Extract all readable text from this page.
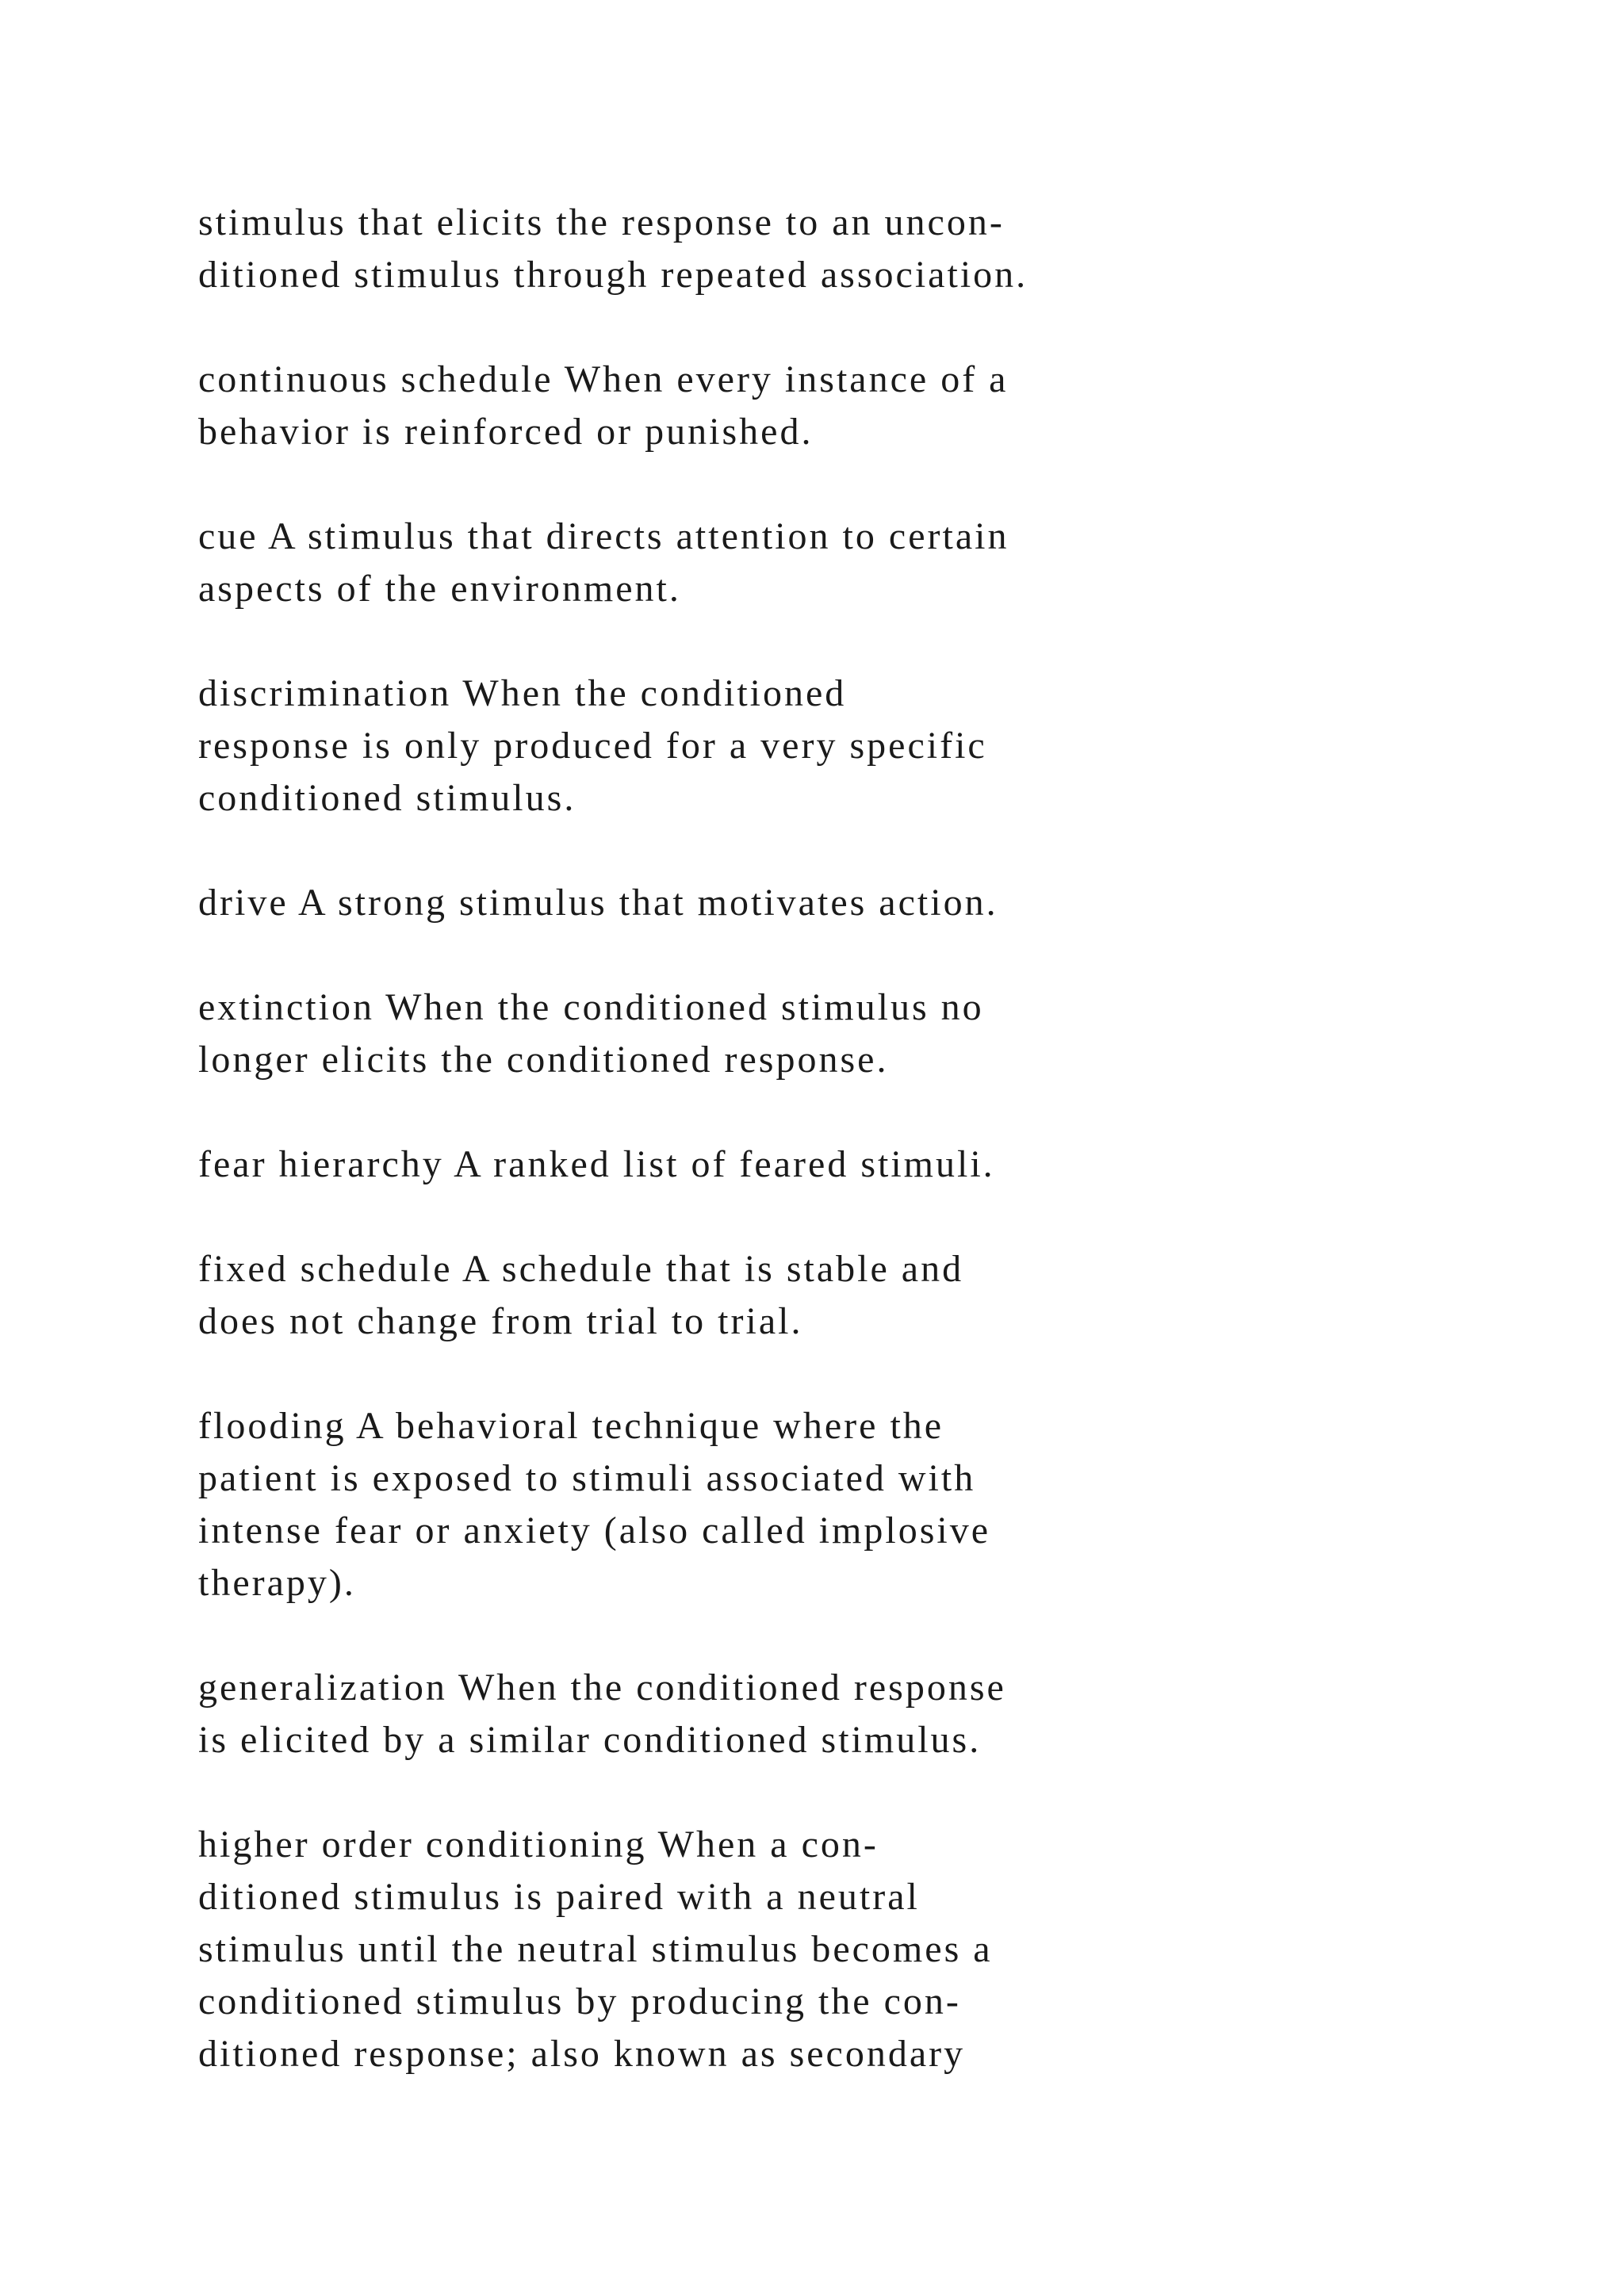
stimulus that elicits the response to an uncon-
ditioned stimulus through repeated association.

continuous schedule When every instance of a
behavior is reinforced or punished.

cue A stimulus that directs attention to certain
aspects of the environment.

discrimination When the conditioned
response is only produced for a very specific
conditioned stimulus.

drive A strong stimulus that motivates action.

extinction When the conditioned stimulus no
longer elicits the conditioned response.

fear hierarchy A ranked list of feared stimuli.

fixed schedule A schedule that is stable and
does not change from trial to trial.

flooding A behavioral technique where the
patient is exposed to stimuli associated with
intense fear or anxiety (also called implosive
therapy).

generalization When the conditioned response
is elicited by a similar conditioned stimulus.

higher order conditioning When a con-
ditioned stimulus is paired with a neutral
stimulus until the neutral stimulus becomes a
conditioned stimulus by producing the con-
ditioned response; also known as secondary
